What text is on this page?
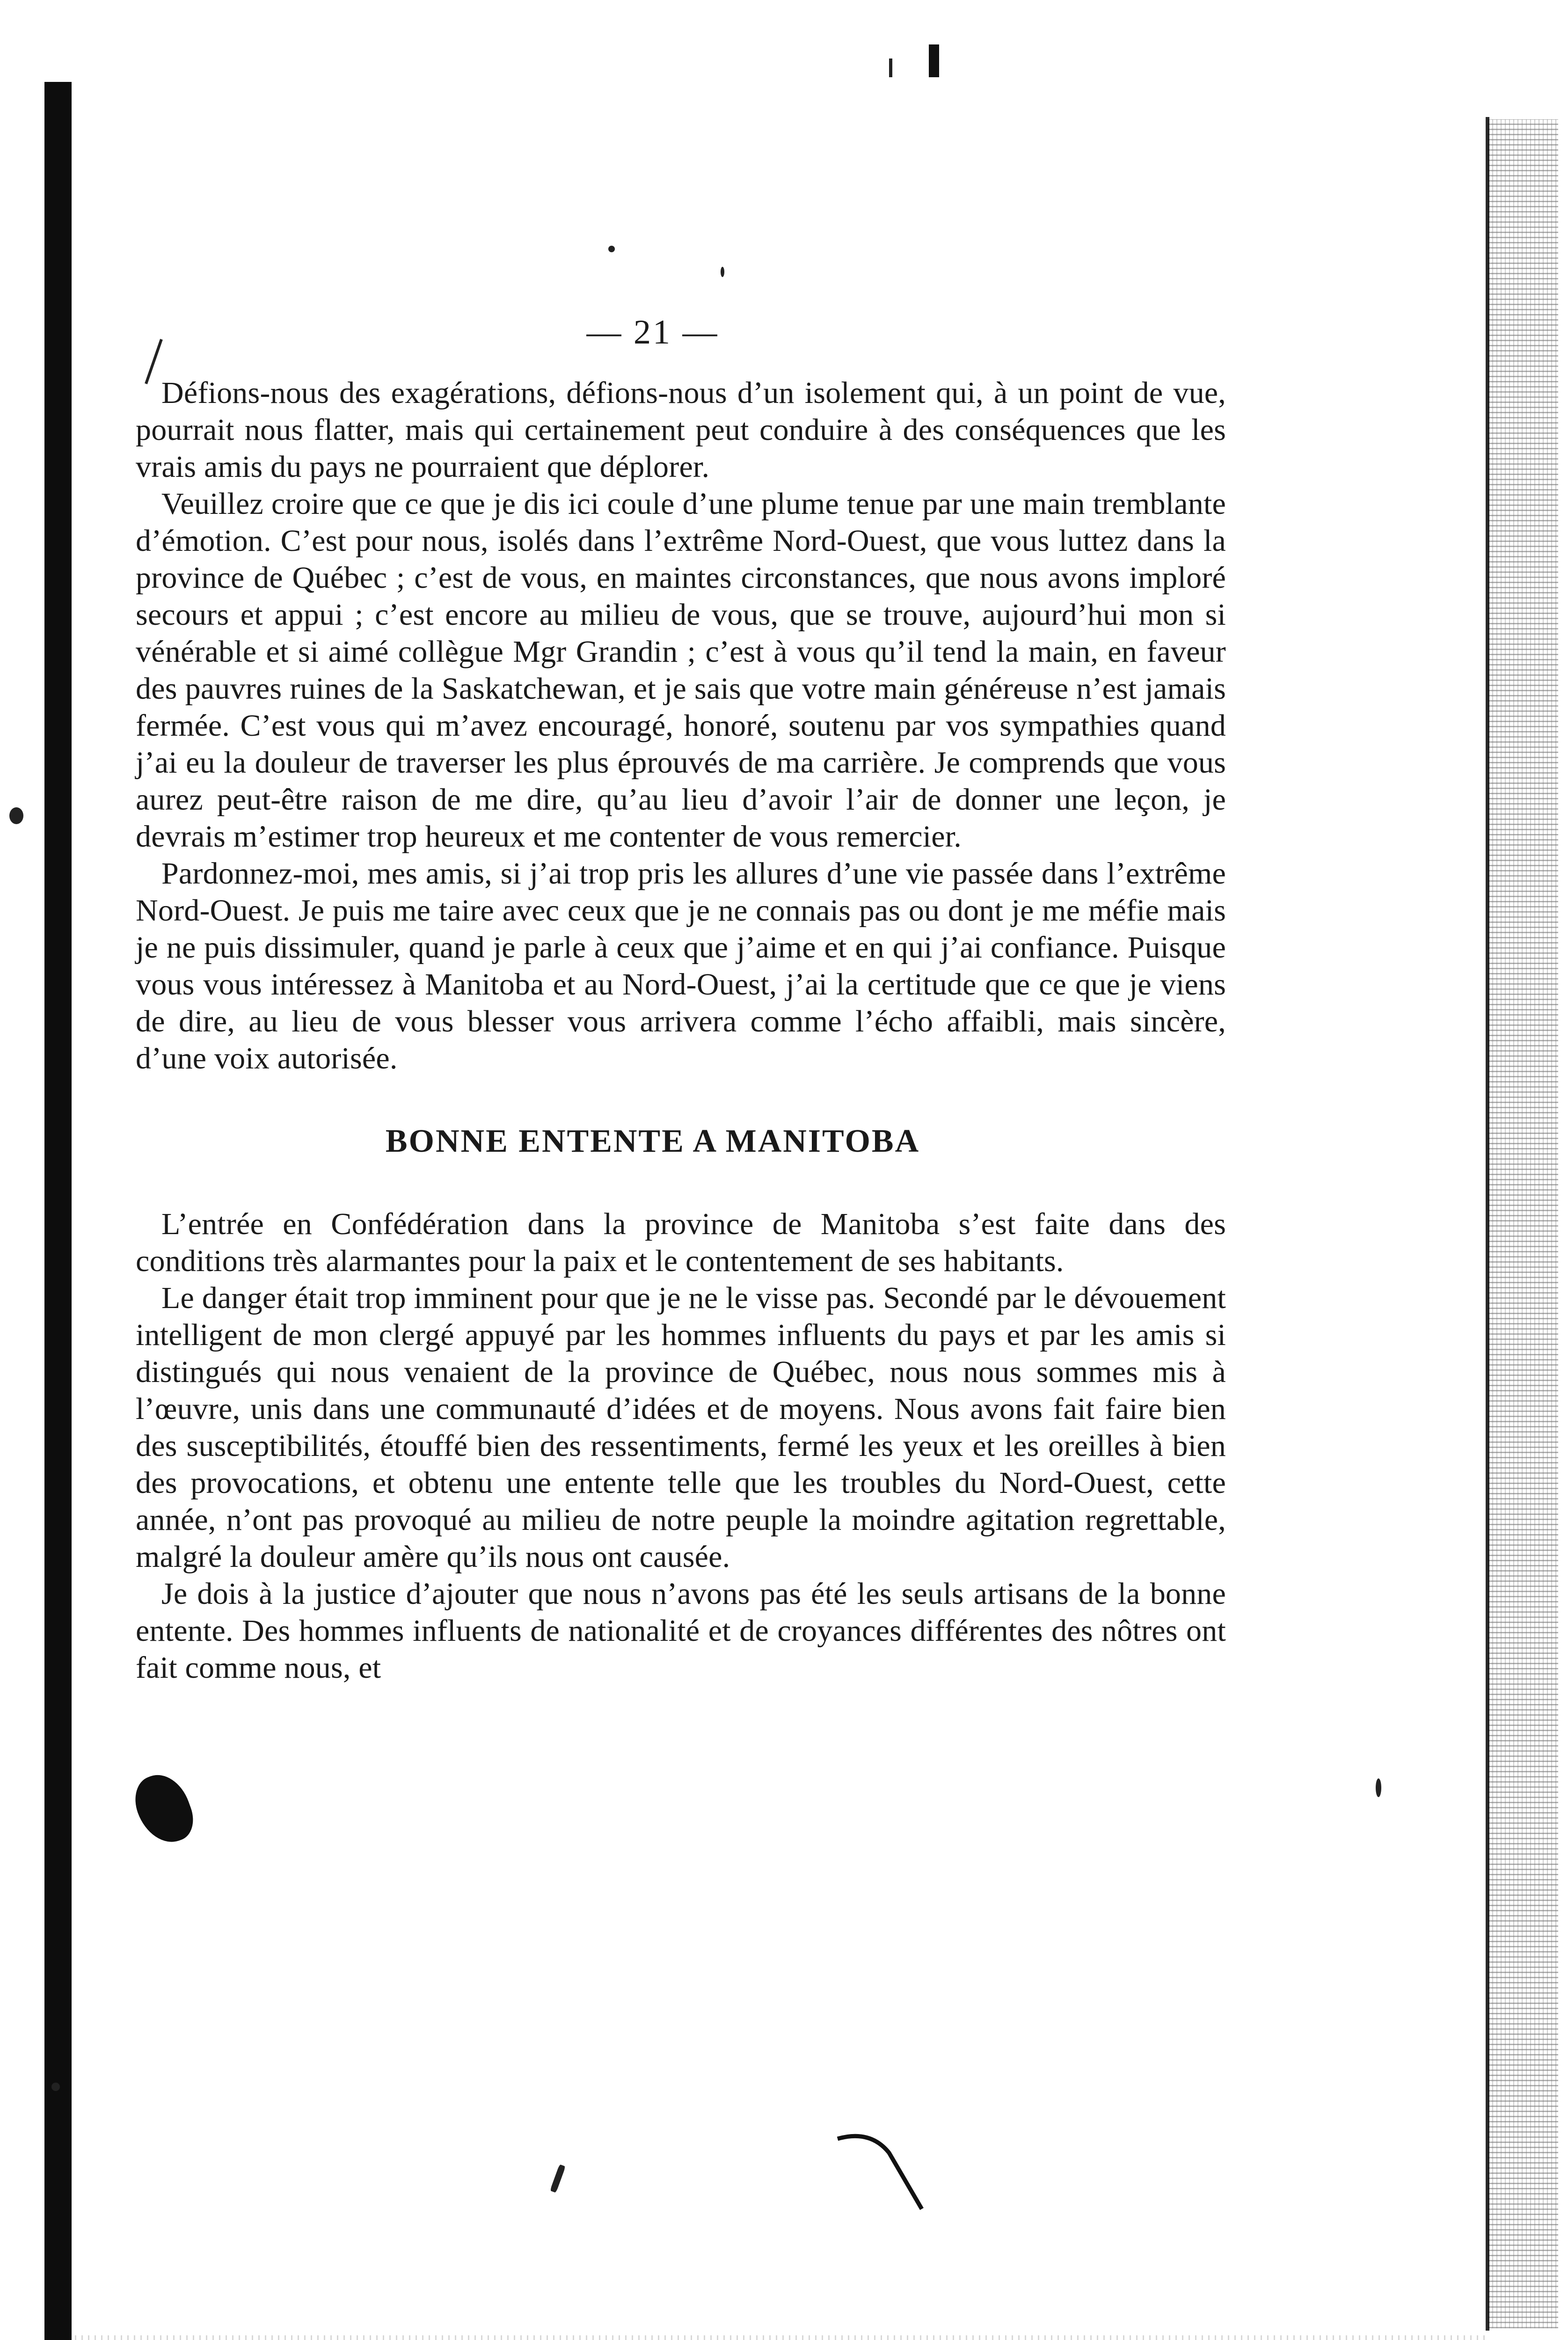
— 21 —

Défions-nous des exagérations, défions-nous d’un isolement qui, à un point de vue, pourrait nous flatter, mais qui certainement peut conduire à des conséquences que les vrais amis du pays ne pourraient que déplorer.

Veuillez croire que ce que je dis ici coule d’une plume tenue par une main tremblante d’émotion. C’est pour nous, isolés dans l’extrême Nord-Ouest, que vous luttez dans la province de Québec ; c’est de vous, en maintes circonstances, que nous avons imploré secours et appui ; c’est encore au milieu de vous, que se trouve, aujourd’hui mon si vénérable et si aimé collègue Mgr Grandin ; c’est à vous qu’il tend la main, en faveur des pauvres ruines de la Saskatchewan, et je sais que votre main généreuse n’est jamais fermée. C’est vous qui m’avez encouragé, honoré, soutenu par vos sympathies quand j’ai eu la douleur de traverser les plus éprouvés de ma carrière. Je comprends que vous aurez peut-être raison de me dire, qu’au lieu d’avoir l’air de donner une leçon, je devrais m’estimer trop heureux et me contenter de vous remercier.

Pardonnez-moi, mes amis, si j’ai trop pris les allures d’une vie passée dans l’extrême Nord-Ouest. Je puis me taire avec ceux que je ne connais pas ou dont je me méfie mais je ne puis dissimuler, quand je parle à ceux que j’aime et en qui j’ai confiance. Puisque vous vous intéressez à Manitoba et au Nord-Ouest, j’ai la certitude que ce que je viens de dire, au lieu de vous blesser vous arrivera comme l’écho affaibli, mais sincère, d’une voix autorisée.

BONNE ENTENTE A MANITOBA

L’entrée en Confédération dans la province de Manitoba s’est faite dans des conditions très alarmantes pour la paix et le contentement de ses habitants.

Le danger était trop imminent pour que je ne le visse pas. Secondé par le dévouement intelligent de mon clergé appuyé par les hommes influents du pays et par les amis si distingués qui nous venaient de la province de Québec, nous nous sommes mis à l’œuvre, unis dans une communauté d’idées et de moyens. Nous avons fait faire bien des susceptibilités, étouffé bien des ressentiments, fermé les yeux et les oreilles à bien des provocations, et obtenu une entente telle que les troubles du Nord-Ouest, cette année, n’ont pas provoqué au milieu de notre peuple la moindre agitation regrettable, malgré la douleur amère qu’ils nous ont causée.

Je dois à la justice d’ajouter que nous n’avons pas été les seuls artisans de la bonne entente. Des hommes influents de nationalité et de croyances différentes des nôtres ont fait comme nous, et
